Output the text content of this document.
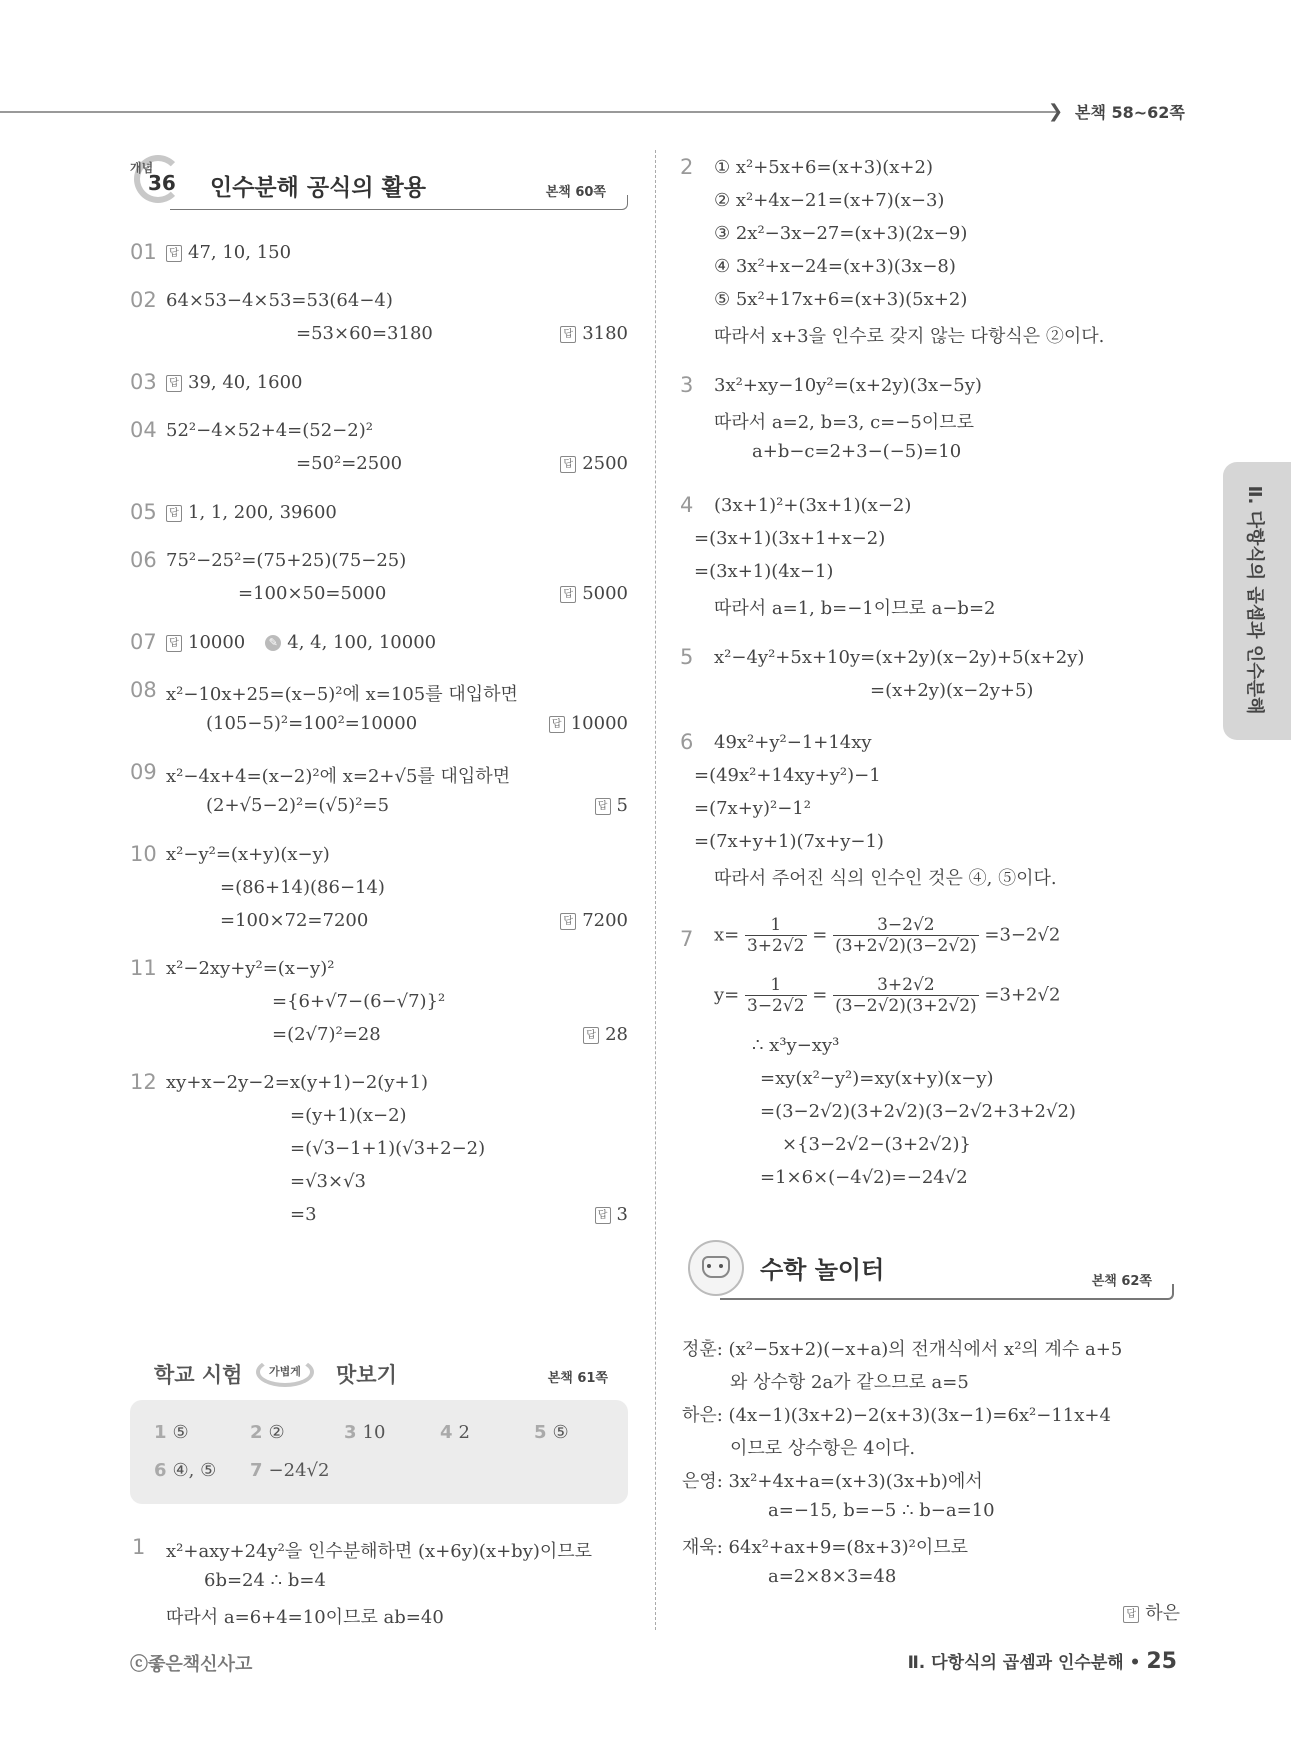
❯ 본책 58~62쪽
개념
36 인수분해 공식의 활용	본책 60쪽
01	답 47, 10, 150
02 64×53−4×53=53(64−4)
=53×60=3180	답 3180
03	답 39, 40, 1600
04 52²−4×52+4=(52−2)²
=50²=2500	답 2500
05	답 1, 1, 200, 39600
06 75²−25²=(75+25)(75−25)
=100×50=5000	답 5000
07	답 10000 ✎ 4, 4, 100, 10000
08 x²−10x+25=(x−5)²에 x=105를 대입하면
(105−5)²=100²=10000	답 10000
09 x²−4x+4=(x−2)²에 x=2+√5를 대입하면
(2+√5−2)²=(√5)²=5	답 5
10 x²−y²=(x+y)(x−y)
=(86+14)(86−14)
=100×72=7200	답 7200
11 x²−2xy+y²=(x−y)²
={6+√7−(6−√7)}²
=(2√7)²=28	답 28
12 xy+x−2y−2=x(y+1)−2(y+1)
=(y+1)(x−2)
=(√3−1+1)(√3+2−2)
=√3×√3
=3	답 3
학교 시험	가볍게	맛보기	본책 61쪽
1 ⑤	2 ②	3 10	4 2	5 ⑤
6 ④, ⑤ 7 −24√2
1 x²+axy+24y²을 인수분해하면 (x+6y)(x+by)이므로
6b=24 ∴ b=4
따라서 a=6+4=10이므로 ab=40
2 ① x²+5x+6=(x+3)(x+2)
② x²+4x−21=(x+7)(x−3)
③ 2x²−3x−27=(x+3)(2x−9)
④ 3x²+x−24=(x+3)(3x−8)
⑤ 5x²+17x+6=(x+3)(5x+2)
따라서 x+3을 인수로 갖지 않는 다항식은 ②이다.
3 3x²+xy−10y²=(x+2y)(3x−5y)
따라서 a=2, b=3, c=−5이므로
a+b−c=2+3−(−5)=10
4 (3x+1)²+(3x+1)(x−2)
=(3x+1)(3x+1+x−2)
=(3x+1)(4x−1)
따라서 a=1, b=−1이므로 a−b=2
5 x²−4y²+5x+10y=(x+2y)(x−2y)+5(x+2y)
=(x+2y)(x−2y+5)
6 49x²+y²−1+14xy
=(49x²+14xy+y²)−1
=(7x+y)²−1²
=(7x+y+1)(7x+y−1)
따라서 주어진 식의 인수인 것은 ④, ⑤이다.
7 $x= \frac{1}{3+2√2} = \frac{3-2√2}{(3+2√2)(3-2√2)} =3-2√2$
$y= \frac{1}{3-2√2} = \frac{3+2√2}{(3-2√2)(3+2√2)} =3+2√2$
∴ x³y−xy³
=xy(x²−y²)=xy(x+y)(x−y)
=(3−2√2)(3+2√2)(3−2√2+3+2√2)
×{3−2√2−(3+2√2)}
=1×6×(−4√2)=−24√2
수학 놀이터	본책 62쪽
정훈: (x²−5x+2)(−x+a)의 전개식에서 x²의 계수 a+5
와 상수항 2a가 같으므로 a=5
하은: (4x−1)(3x+2)−2(x+3)(3x−1)=6x²−11x+4
이므로 상수항은 4이다.
은영: 3x²+4x+a=(x+3)(3x+b)에서
a=−15, b=−5 ∴ b−a=10
재욱: 64x²+ax+9=(8x+3)²이므로
a=2×8×3=48
답 하은
Ⅱ. 다항식의 곱셈과 인수분해
ⓒ좋은책신사고	Ⅱ. 다항식의 곱셈과 인수분해 • 25
